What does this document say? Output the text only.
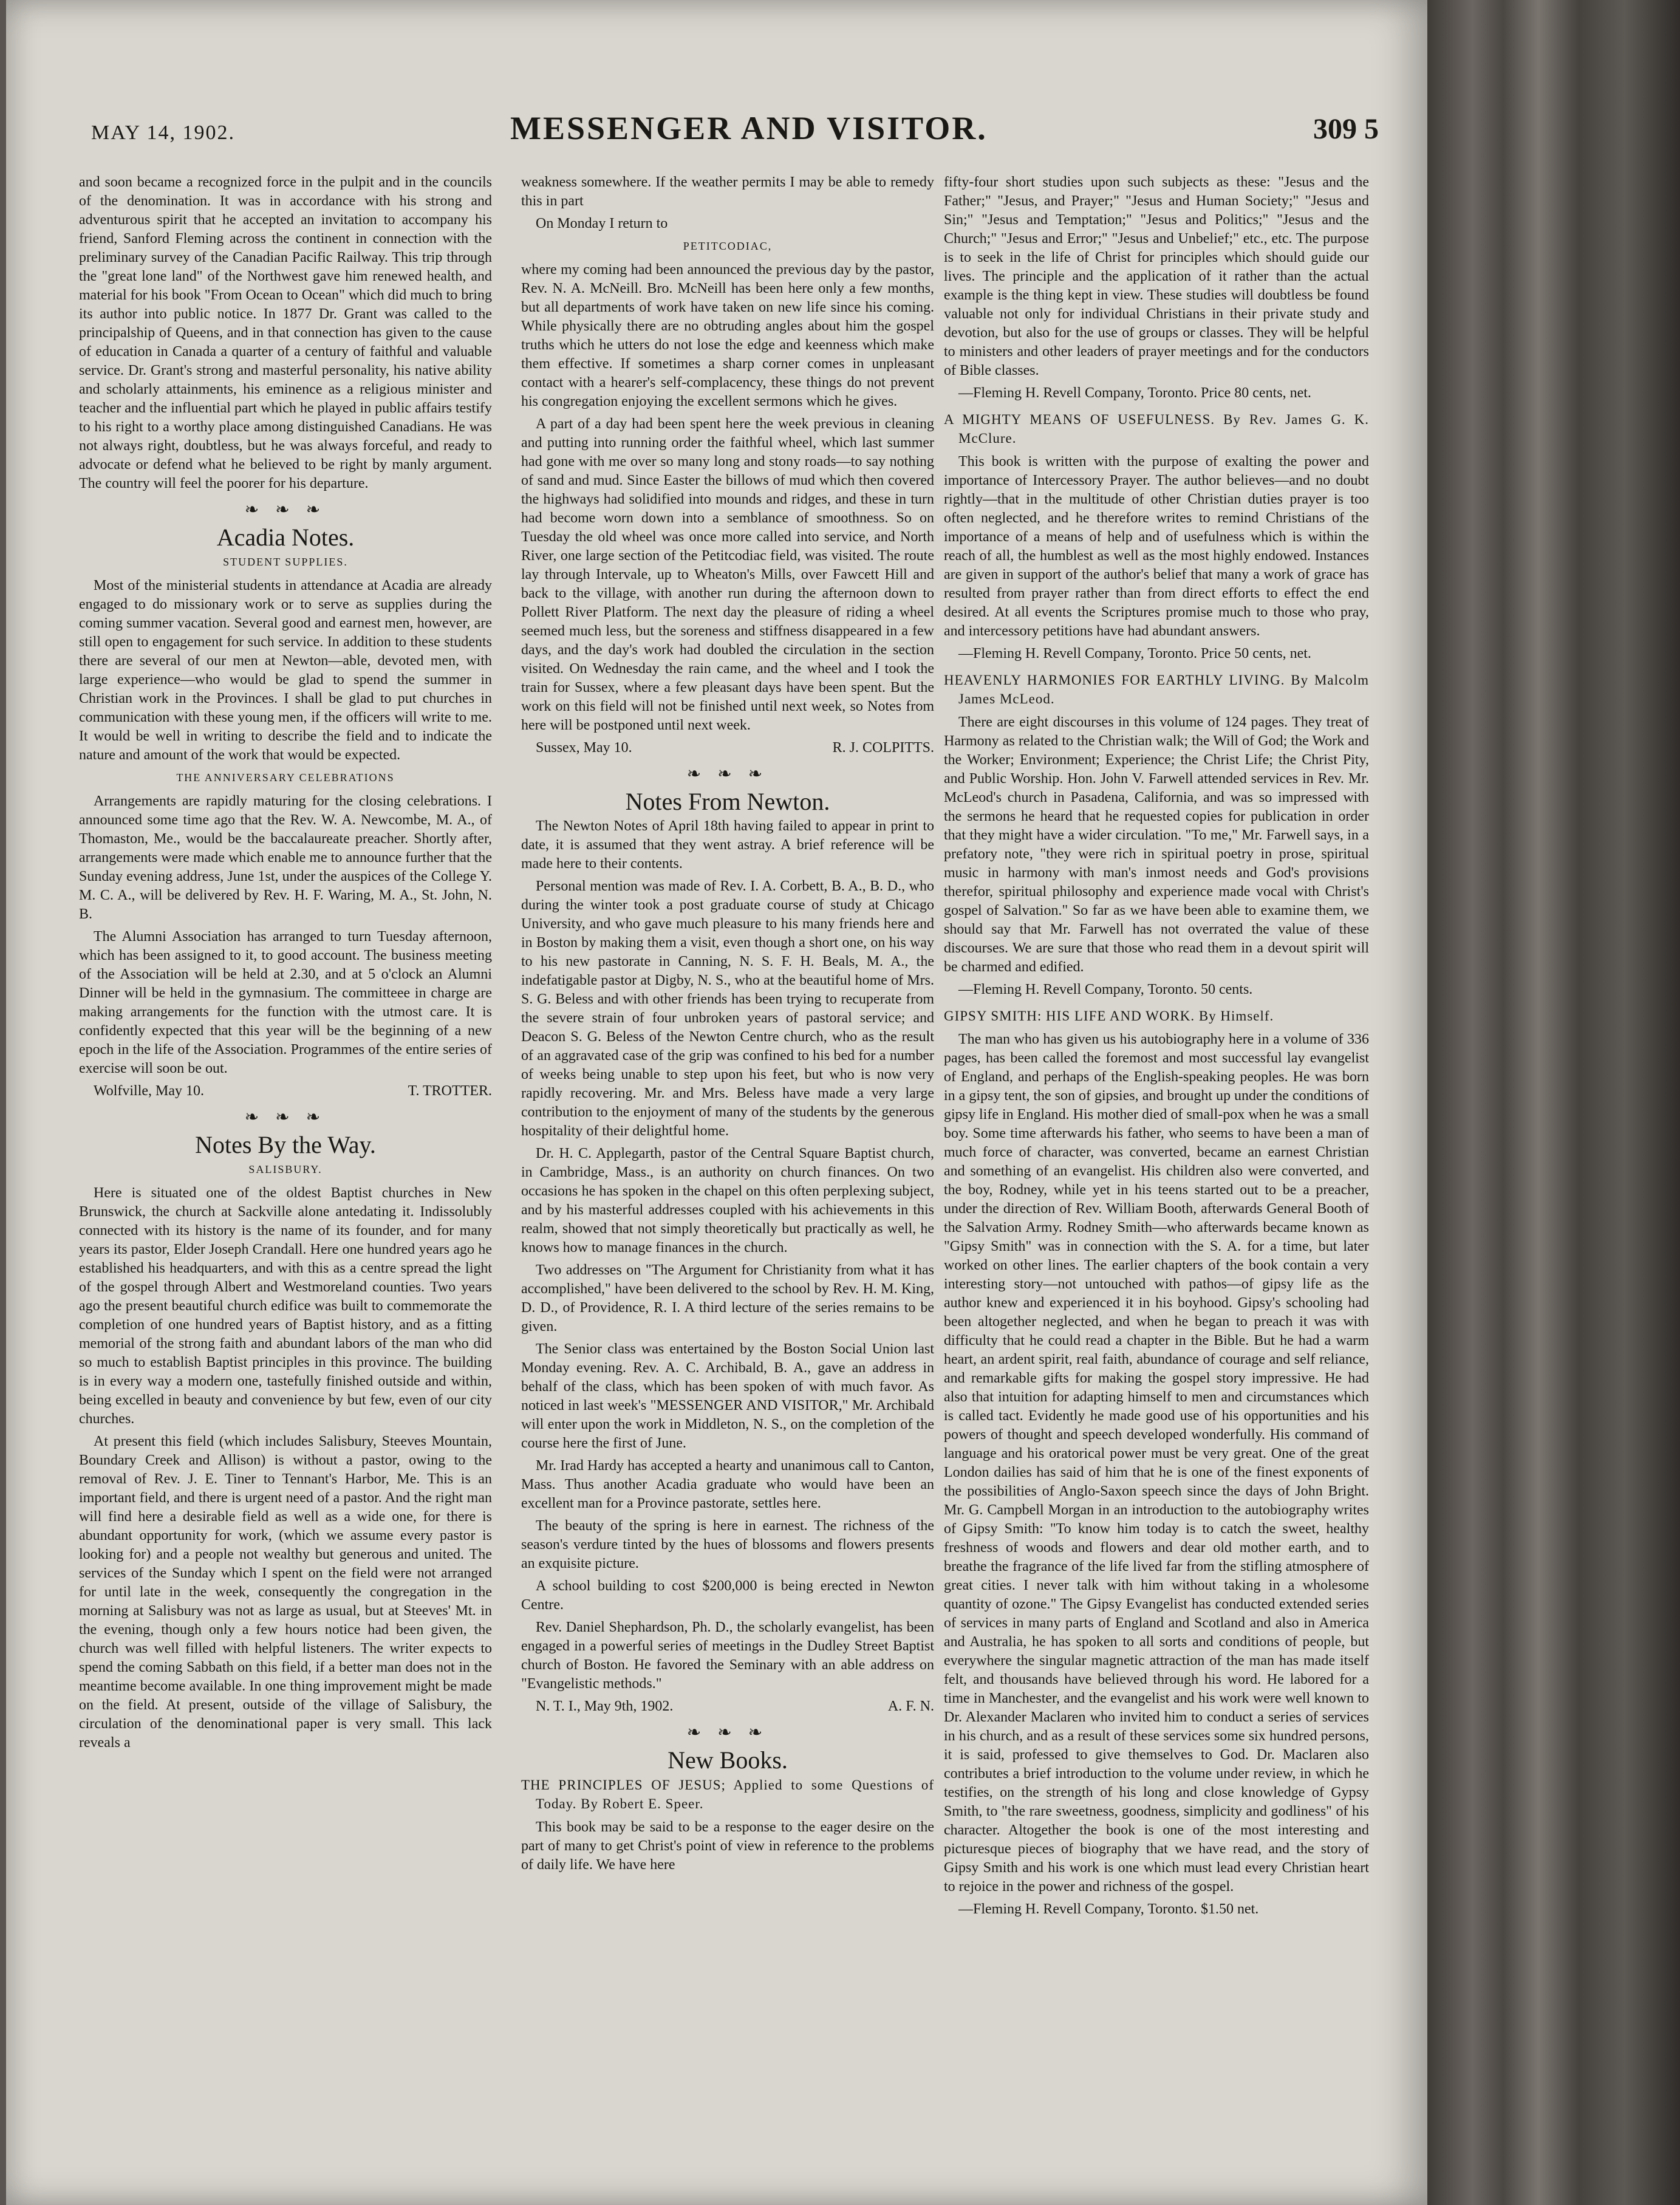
MAY 14, 1902.	MESSENGER AND VISITOR.	309 5

and soon became a recognized force in the pulpit and in the councils of the denomination. It was in accordance with his strong and adventurous spirit that he accepted an invitation to accompany his friend, Sanford Fleming across the continent in connection with the preliminary survey of the Canadian Pacific Railway. This trip through the "great lone land" of the Northwest gave him renewed health, and material for his book "From Ocean to Ocean" which did much to bring its author into public notice. In 1877 Dr. Grant was called to the principalship of Queens, and in that connection has given to the cause of education in Canada a quarter of a century of faithful and valuable service. Dr. Grant's strong and masterful personality, his native ability and scholarly attainments, his eminence as a religious minister and teacher and the influential part which he played in public affairs testify to his right to a worthy place among distinguished Canadians. He was not always right, doubtless, but he was always forceful, and ready to advocate or defend what he believed to be right by manly argument. The country will feel the poorer for his departure.

❧ ❧ ❧
Acadia Notes.
STUDENT SUPPLIES.

Most of the ministerial students in attendance at Acadia are already engaged to do missionary work or to serve as supplies during the coming summer vacation. Several good and earnest men, however, are still open to engagement for such service. In addition to these students there are several of our men at Newton—able, devoted men, with large experience—who would be glad to spend the summer in Christian work in the Provinces. I shall be glad to put churches in communication with these young men, if the officers will write to me. It would be well in writing to describe the field and to indicate the nature and amount of the work that would be expected.

THE ANNIVERSARY CELEBRATIONS

Arrangements are rapidly maturing for the closing celebrations. I announced some time ago that the Rev. W. A. Newcombe, M. A., of Thomaston, Me., would be the baccalaureate preacher. Shortly after, arrangements were made which enable me to announce further that the Sunday evening address, June 1st, under the auspices of the College Y. M. C. A., will be delivered by Rev. H. F. Waring, M. A., St. John, N. B.

The Alumni Association has arranged to turn Tuesday afternoon, which has been assigned to it, to good account. The business meeting of the Association will be held at 2.30, and at 5 o'clock an Alumni Dinner will be held in the gymnasium. The committeee in charge are making arrangements for the function with the utmost care. It is confidently expected that this year will be the beginning of a new epoch in the life of the Association. Programmes of the entire series of exercise will soon be out.

Wolfville, May 10.	T. TROTTER.
❧ ❧ ❧
Notes By the Way.
SALISBURY.

Here is situated one of the oldest Baptist churches in New Brunswick, the church at Sackville alone antedating it. Indissolubly connected with its history is the name of its founder, and for many years its pastor, Elder Joseph Crandall. Here one hundred years ago he established his headquarters, and with this as a centre spread the light of the gospel through Albert and Westmoreland counties. Two years ago the present beautiful church edifice was built to commemorate the completion of one hundred years of Baptist history, and as a fitting memorial of the strong faith and abundant labors of the man who did so much to establish Baptist principles in this province. The building is in every way a modern one, tastefully finished outside and within, being excelled in beauty and convenience by but few, even of our city churches.

At present this field (which includes Salisbury, Steeves Mountain, Boundary Creek and Allison) is without a pastor, owing to the removal of Rev. J. E. Tiner to Tennant's Harbor, Me. This is an important field, and there is urgent need of a pastor. And the right man will find here a desirable field as well as a wide one, for there is abundant opportunity for work, (which we assume every pastor is looking for) and a people not wealthy but generous and united. The services of the Sunday which I spent on the field were not arranged for until late in the week, consequently the congregation in the morning at Salisbury was not as large as usual, but at Steeves' Mt. in the evening, though only a few hours notice had been given, the church was well filled with helpful listeners. The writer expects to spend the coming Sabbath on this field, if a better man does not in the meantime become available. In one thing improvement might be made on the field. At present, outside of the village of Salisbury, the circulation of the denominational paper is very small. This lack reveals a

weakness somewhere. If the weather permits I may be able to remedy this in part

On Monday I return to

PETITCODIAC,

where my coming had been announced the previous day by the pastor, Rev. N. A. McNeill. Bro. McNeill has been here only a few months, but all departments of work have taken on new life since his coming. While physically there are no obtruding angles about him the gospel truths which he utters do not lose the edge and keenness which make them effective. If sometimes a sharp corner comes in unpleasant contact with a hearer's self-complacency, these things do not prevent his congregation enjoying the excellent sermons which he gives.

A part of a day had been spent here the week previous in cleaning and putting into running order the faithful wheel, which last summer had gone with me over so many long and stony roads—to say nothing of sand and mud. Since Easter the billows of mud which then covered the highways had solidified into mounds and ridges, and these in turn had become worn down into a semblance of smoothness. So on Tuesday the old wheel was once more called into service, and North River, one large section of the Petitcodiac field, was visited. The route lay through Intervale, up to Wheaton's Mills, over Fawcett Hill and back to the village, with another run during the afternoon down to Pollett River Platform. The next day the pleasure of riding a wheel seemed much less, but the soreness and stiffness disappeared in a few days, and the day's work had doubled the circulation in the section visited. On Wednesday the rain came, and the wheel and I took the train for Sussex, where a few pleasant days have been spent. But the work on this field will not be finished until next week, so Notes from here will be postponed until next week.

Sussex, May 10.	R. J. COLPITTS.
❧ ❧ ❧
Notes From Newton.

The Newton Notes of April 18th having failed to appear in print to date, it is assumed that they went astray. A brief reference will be made here to their contents.

Personal mention was made of Rev. I. A. Corbett, B. A., B. D., who during the winter took a post graduate course of study at Chicago University, and who gave much pleasure to his many friends here and in Boston by making them a visit, even though a short one, on his way to his new pastorate in Canning, N. S. F. H. Beals, M. A., the indefatigable pastor at Digby, N. S., who at the beautiful home of Mrs. S. G. Beless and with other friends has been trying to recuperate from the severe strain of four unbroken years of pastoral service; and Deacon S. G. Beless of the Newton Centre church, who as the result of an aggravated case of the grip was confined to his bed for a number of weeks being unable to step upon his feet, but who is now very rapidly recovering. Mr. and Mrs. Beless have made a very large contribution to the enjoyment of many of the students by the generous hospitality of their delightful home.

Dr. H. C. Applegarth, pastor of the Central Square Baptist church, in Cambridge, Mass., is an authority on church finances. On two occasions he has spoken in the chapel on this often perplexing subject, and by his masterful addresses coupled with his achievements in this realm, showed that not simply theoretically but practically as well, he knows how to manage finances in the church.

Two addresses on "The Argument for Christianity from what it has accomplished," have been delivered to the school by Rev. H. M. King, D. D., of Providence, R. I. A third lecture of the series remains to be given.

The Senior class was entertained by the Boston Social Union last Monday evening. Rev. A. C. Archibald, B. A., gave an address in behalf of the class, which has been spoken of with much favor. As noticed in last week's "MESSENGER AND VISITOR," Mr. Archibald will enter upon the work in Middleton, N. S., on the completion of the course here the first of June.

Mr. Irad Hardy has accepted a hearty and unanimous call to Canton, Mass. Thus another Acadia graduate who would have been an excellent man for a Province pastorate, settles here.

The beauty of the spring is here in earnest. The richness of the season's verdure tinted by the hues of blossoms and flowers presents an exquisite picture.

A school building to cost $200,000 is being erected in Newton Centre.

Rev. Daniel Shephardson, Ph. D., the scholarly evangelist, has been engaged in a powerful series of meetings in the Dudley Street Baptist church of Boston. He favored the Seminary with an able address on "Evangelistic methods."

N. T. I., May 9th, 1902.	A. F. N.
❧ ❧ ❧
New Books.
THE PRINCIPLES OF JESUS; Applied to some Questions of Today. By Robert E. Speer.

This book may be said to be a response to the eager desire on the part of many to get Christ's point of view in reference to the problems of daily life. We have here

fifty-four short studies upon such subjects as these: "Jesus and the Father;" "Jesus, and Prayer;" "Jesus and Human Society;" "Jesus and Sin;" "Jesus and Temptation;" "Jesus and Politics;" "Jesus and the Church;" "Jesus and Error;" "Jesus and Unbelief;" etc., etc. The purpose is to seek in the life of Christ for principles which should guide our lives. The principle and the application of it rather than the actual example is the thing kept in view. These studies will doubtless be found valuable not only for individual Christians in their private study and devotion, but also for the use of groups or classes. They will be helpful to ministers and other leaders of prayer meetings and for the conductors of Bible classes.

—Fleming H. Revell Company, Toronto. Price 80 cents, net.
A MIGHTY MEANS OF USEFULNESS. By Rev. James G. K. McClure.

This book is written with the purpose of exalting the power and importance of Intercessory Prayer. The author believes—and no doubt rightly—that in the multitude of other Christian duties prayer is too often neglected, and he therefore writes to remind Christians of the importance of a means of help and of usefulness which is within the reach of all, the humblest as well as the most highly endowed. Instances are given in support of the author's belief that many a work of grace has resulted from prayer rather than from direct efforts to effect the end desired. At all events the Scriptures promise much to those who pray, and intercessory petitions have had abundant answers.

—Fleming H. Revell Company, Toronto. Price 50 cents, net.
HEAVENLY HARMONIES FOR EARTHLY LIVING. By Malcolm James McLeod.

There are eight discourses in this volume of 124 pages. They treat of Harmony as related to the Christian walk; the Will of God; the Work and the Worker; Environment; Experience; the Christ Life; the Christ Pity, and Public Worship. Hon. John V. Farwell attended services in Rev. Mr. McLeod's church in Pasadena, California, and was so impressed with the sermons he heard that he requested copies for publication in order that they might have a wider circulation. "To me," Mr. Farwell says, in a prefatory note, "they were rich in spiritual poetry in prose, spiritual music in harmony with man's inmost needs and God's provisions therefor, spiritual philosophy and experience made vocal with Christ's gospel of Salvation." So far as we have been able to examine them, we should say that Mr. Farwell has not overrated the value of these discourses. We are sure that those who read them in a devout spirit will be charmed and edified.

—Fleming H. Revell Company, Toronto. 50 cents.
GIPSY SMITH: HIS LIFE AND WORK. By Himself.

The man who has given us his autobiography here in a volume of 336 pages, has been called the foremost and most successful lay evangelist of England, and perhaps of the English-speaking peoples. He was born in a gipsy tent, the son of gipsies, and brought up under the conditions of gipsy life in England. His mother died of small-pox when he was a small boy. Some time afterwards his father, who seems to have been a man of much force of character, was converted, became an earnest Christian and something of an evangelist. His children also were converted, and the boy, Rodney, while yet in his teens started out to be a preacher, under the direction of Rev. William Booth, afterwards General Booth of the Salvation Army. Rodney Smith—who afterwards became known as "Gipsy Smith" was in connection with the S. A. for a time, but later worked on other lines. The earlier chapters of the book contain a very interesting story—not untouched with pathos—of gipsy life as the author knew and experienced it in his boyhood. Gipsy's schooling had been altogether neglected, and when he began to preach it was with difficulty that he could read a chapter in the Bible. But he had a warm heart, an ardent spirit, real faith, abundance of courage and self reliance, and remarkable gifts for making the gospel story impressive. He had also that intuition for adapting himself to men and circumstances which is called tact. Evidently he made good use of his opportunities and his powers of thought and speech developed wonderfully. His command of language and his oratorical power must be very great. One of the great London dailies has said of him that he is one of the finest exponents of the possibilities of Anglo-Saxon speech since the days of John Bright. Mr. G. Campbell Morgan in an introduction to the autobiography writes of Gipsy Smith: "To know him today is to catch the sweet, healthy freshness of woods and flowers and dear old mother earth, and to breathe the fragrance of the life lived far from the stifling atmosphere of great cities. I never talk with him without taking in a wholesome quantity of ozone." The Gipsy Evangelist has conducted extended series of services in many parts of England and Scotland and also in America and Australia, he has spoken to all sorts and conditions of people, but everywhere the singular magnetic attraction of the man has made itself felt, and thousands have believed through his word. He labored for a time in Manchester, and the evangelist and his work were well known to Dr. Alexander Maclaren who invited him to conduct a series of services in his church, and as a result of these services some six hundred persons, it is said, professed to give themselves to God. Dr. Maclaren also contributes a brief introduction to the volume under review, in which he testifies, on the strength of his long and close knowledge of Gypsy Smith, to "the rare sweetness, goodness, simplicity and godliness" of his character. Altogether the book is one of the most interesting and picturesque pieces of biography that we have read, and the story of Gipsy Smith and his work is one which must lead every Christian heart to rejoice in the power and richness of the gospel.

—Fleming H. Revell Company, Toronto. $1.50 net.
